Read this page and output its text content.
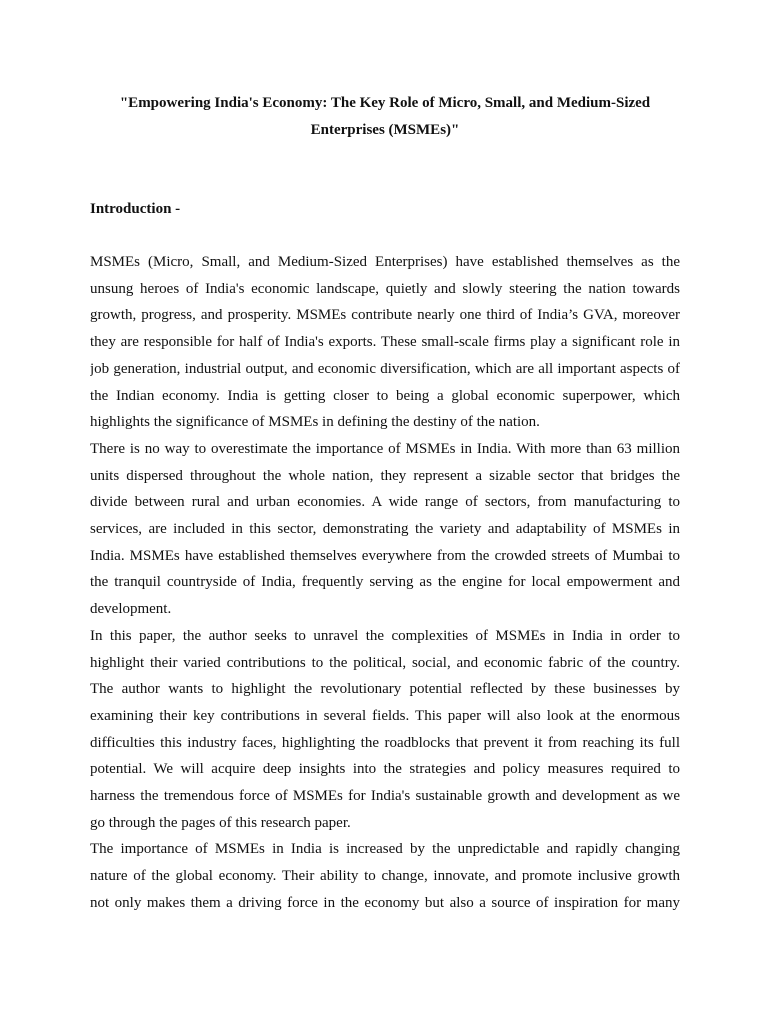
"Empowering India's Economy: The Key Role of Micro, Small, and Medium-Sized
Enterprises (MSMEs)"
Introduction -

MSMEs (Micro, Small, and Medium-Sized Enterprises) have established themselves as the
unsung heroes of India's economic landscape, quietly and slowly steering the nation towards
growth, progress, and prosperity. MSMEs contribute nearly one third of India’s GVA, moreover
they are responsible for half of India's exports. These small-scale firms play a significant role in
job generation, industrial output, and economic diversification, which are all important aspects of
the Indian economy. India is getting closer to being a global economic superpower, which
highlights the significance of MSMEs in defining the destiny of the nation.

There is no way to overestimate the importance of MSMEs in India. With more than 63 million
units dispersed throughout the whole nation, they represent a sizable sector that bridges the
divide between rural and urban economies. A wide range of sectors, from manufacturing to
services, are included in this sector, demonstrating the variety and adaptability of MSMEs in
India. MSMEs have established themselves everywhere from the crowded streets of Mumbai to
the tranquil countryside of India, frequently serving as the engine for local empowerment and
development.

In this paper, the author seeks to unravel the complexities of MSMEs in India in order to
highlight their varied contributions to the political, social, and economic fabric of the country.
The author wants to highlight the revolutionary potential reflected by these businesses by
examining their key contributions in several fields. This paper will also look at the enormous
difficulties this industry faces, highlighting the roadblocks that prevent it from reaching its full
potential. We will acquire deep insights into the strategies and policy measures required to
harness the tremendous force of MSMEs for India's sustainable growth and development as we
go through the pages of this research paper.

The importance of MSMEs in India is increased by the unpredictable and rapidly changing
nature of the global economy. Their ability to change, innovate, and promote inclusive growth
not only makes them a driving force in the economy but also a source of inspiration for many
